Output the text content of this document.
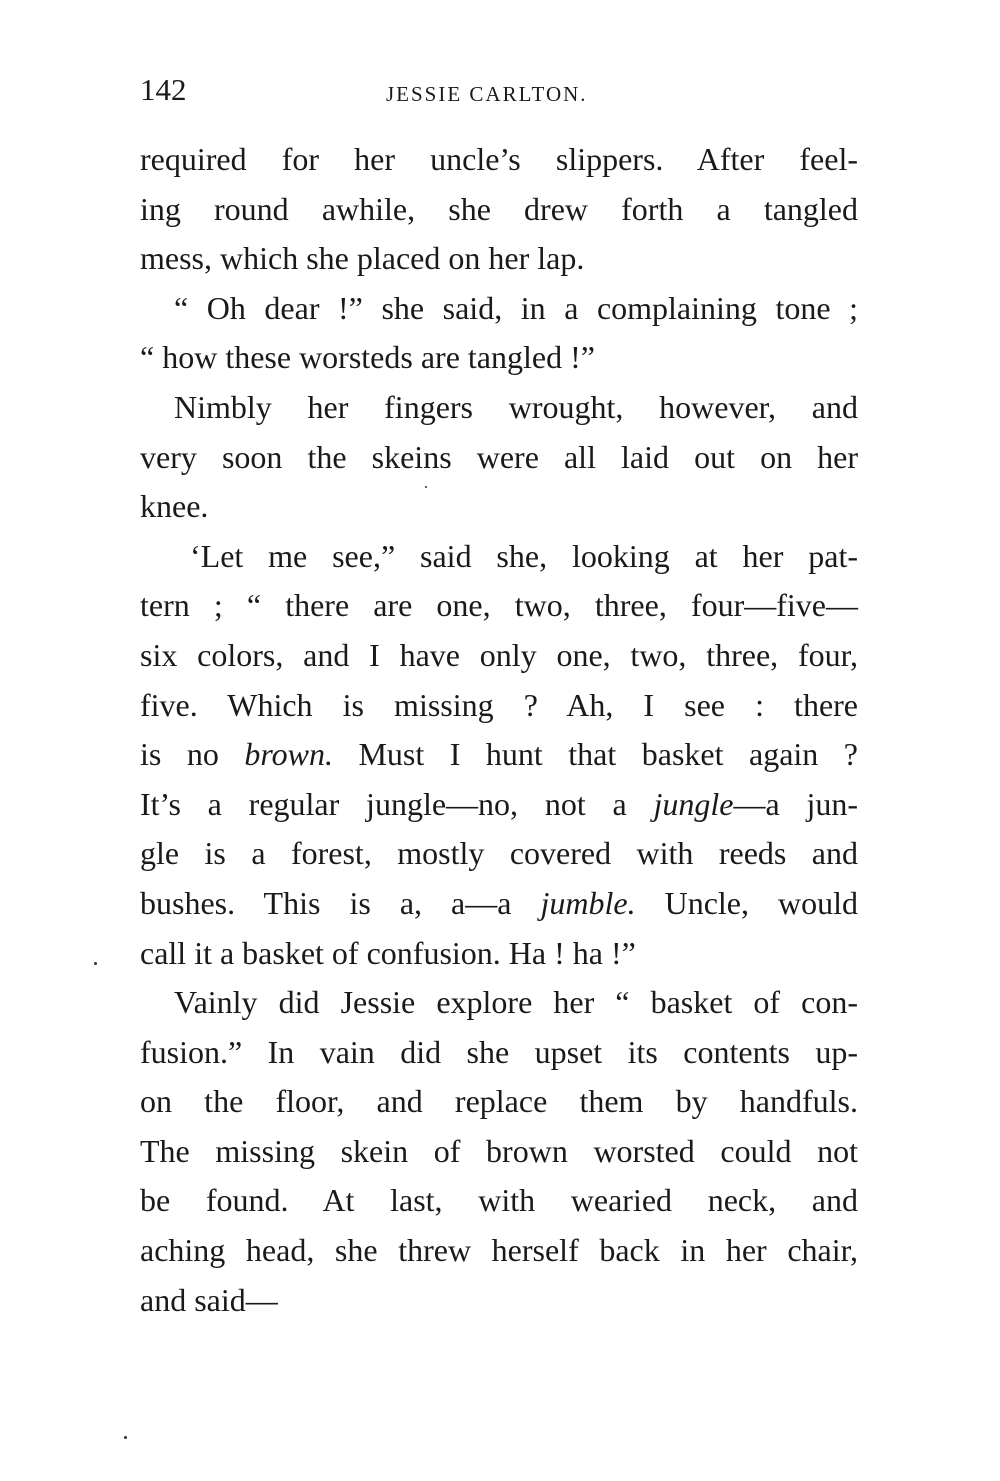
142	JESSIE CARLTON.
required for her uncle’s slippers. After feel-
ing round awhile, she drew forth a tangled
mess, which she placed on her lap.
“ Oh dear !” she said, in a complaining tone ;
“ how these worsteds are tangled !”
Nimbly her fingers wrought, however, and
very soon the skeins were all laid out on her
knee.
‘Let me see,” said she, looking at her pat-
tern ; “ there are one, two, three, four—five—
six colors, and I have only one, two, three, four,
five. Which is missing ? Ah, I see : there
is no brown. Must I hunt that basket again ?
It’s a regular jungle—no, not a jungle—a jun-
gle is a forest, mostly covered with reeds and
bushes. This is a, a—a jumble. Uncle, would
call it a basket of confusion. Ha ! ha !”
Vainly did Jessie explore her “ basket of con-
fusion.” In vain did she upset its contents up-
on the floor, and replace them by handfuls.
The missing skein of brown worsted could not
be found. At last, with wearied neck, and
aching head, she threw herself back in her chair,
and said—
